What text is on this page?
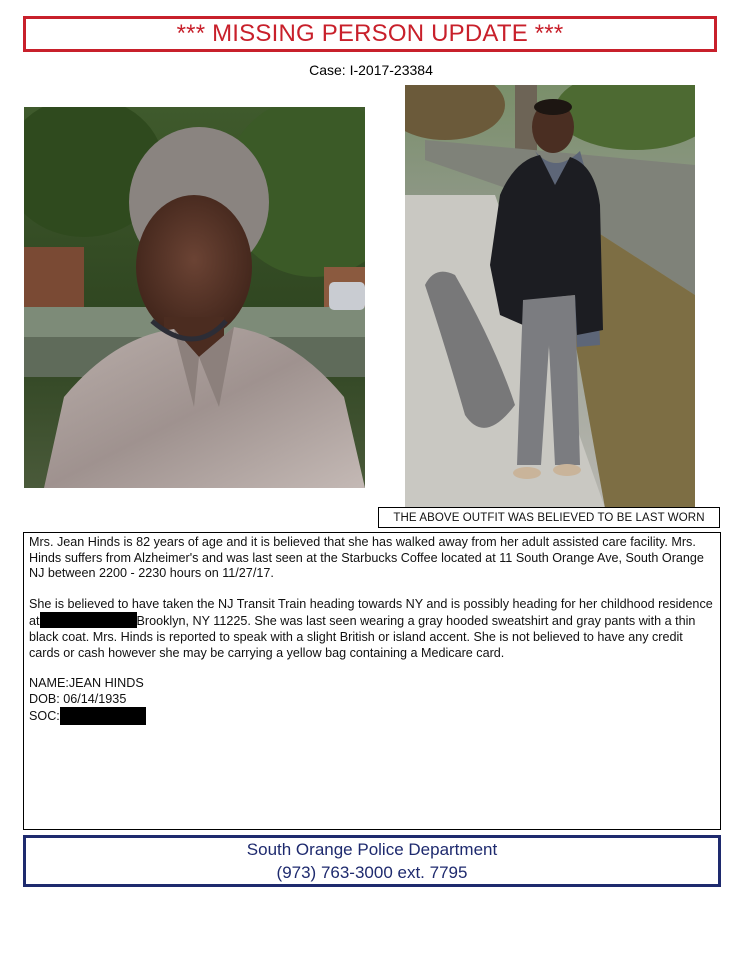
*** MISSING PERSON UPDATE ***
Case: I-2017-23384
THE ABOVE OUTFIT WAS BELIEVED TO BE LAST WORN

Mrs. Jean Hinds is 82 years of age and it is believed that she has walked away from her adult assisted care facility. Mrs. Hinds suffers from Alzheimer's and was last seen at the Starbucks Coffee located at 11 South Orange Ave, South Orange NJ between 2200 - 2230 hours on 11/27/17.

She is believed to have taken the NJ Transit Train heading towards NY and is possibly heading for her childhood residence at	Brooklyn, NY 11225. She was last seen wearing a gray hooded sweatshirt and gray pants with a thin black coat. Mrs. Hinds is reported to speak with a slight British or island accent. She is not believed to have any credit cards or cash however she may be carrying a yellow bag containing a Medicare card.

NAME:JEAN HINDS
DOB: 06/14/1935
SOC:
South Orange Police Department
(973) 763-3000 ext. 7795
